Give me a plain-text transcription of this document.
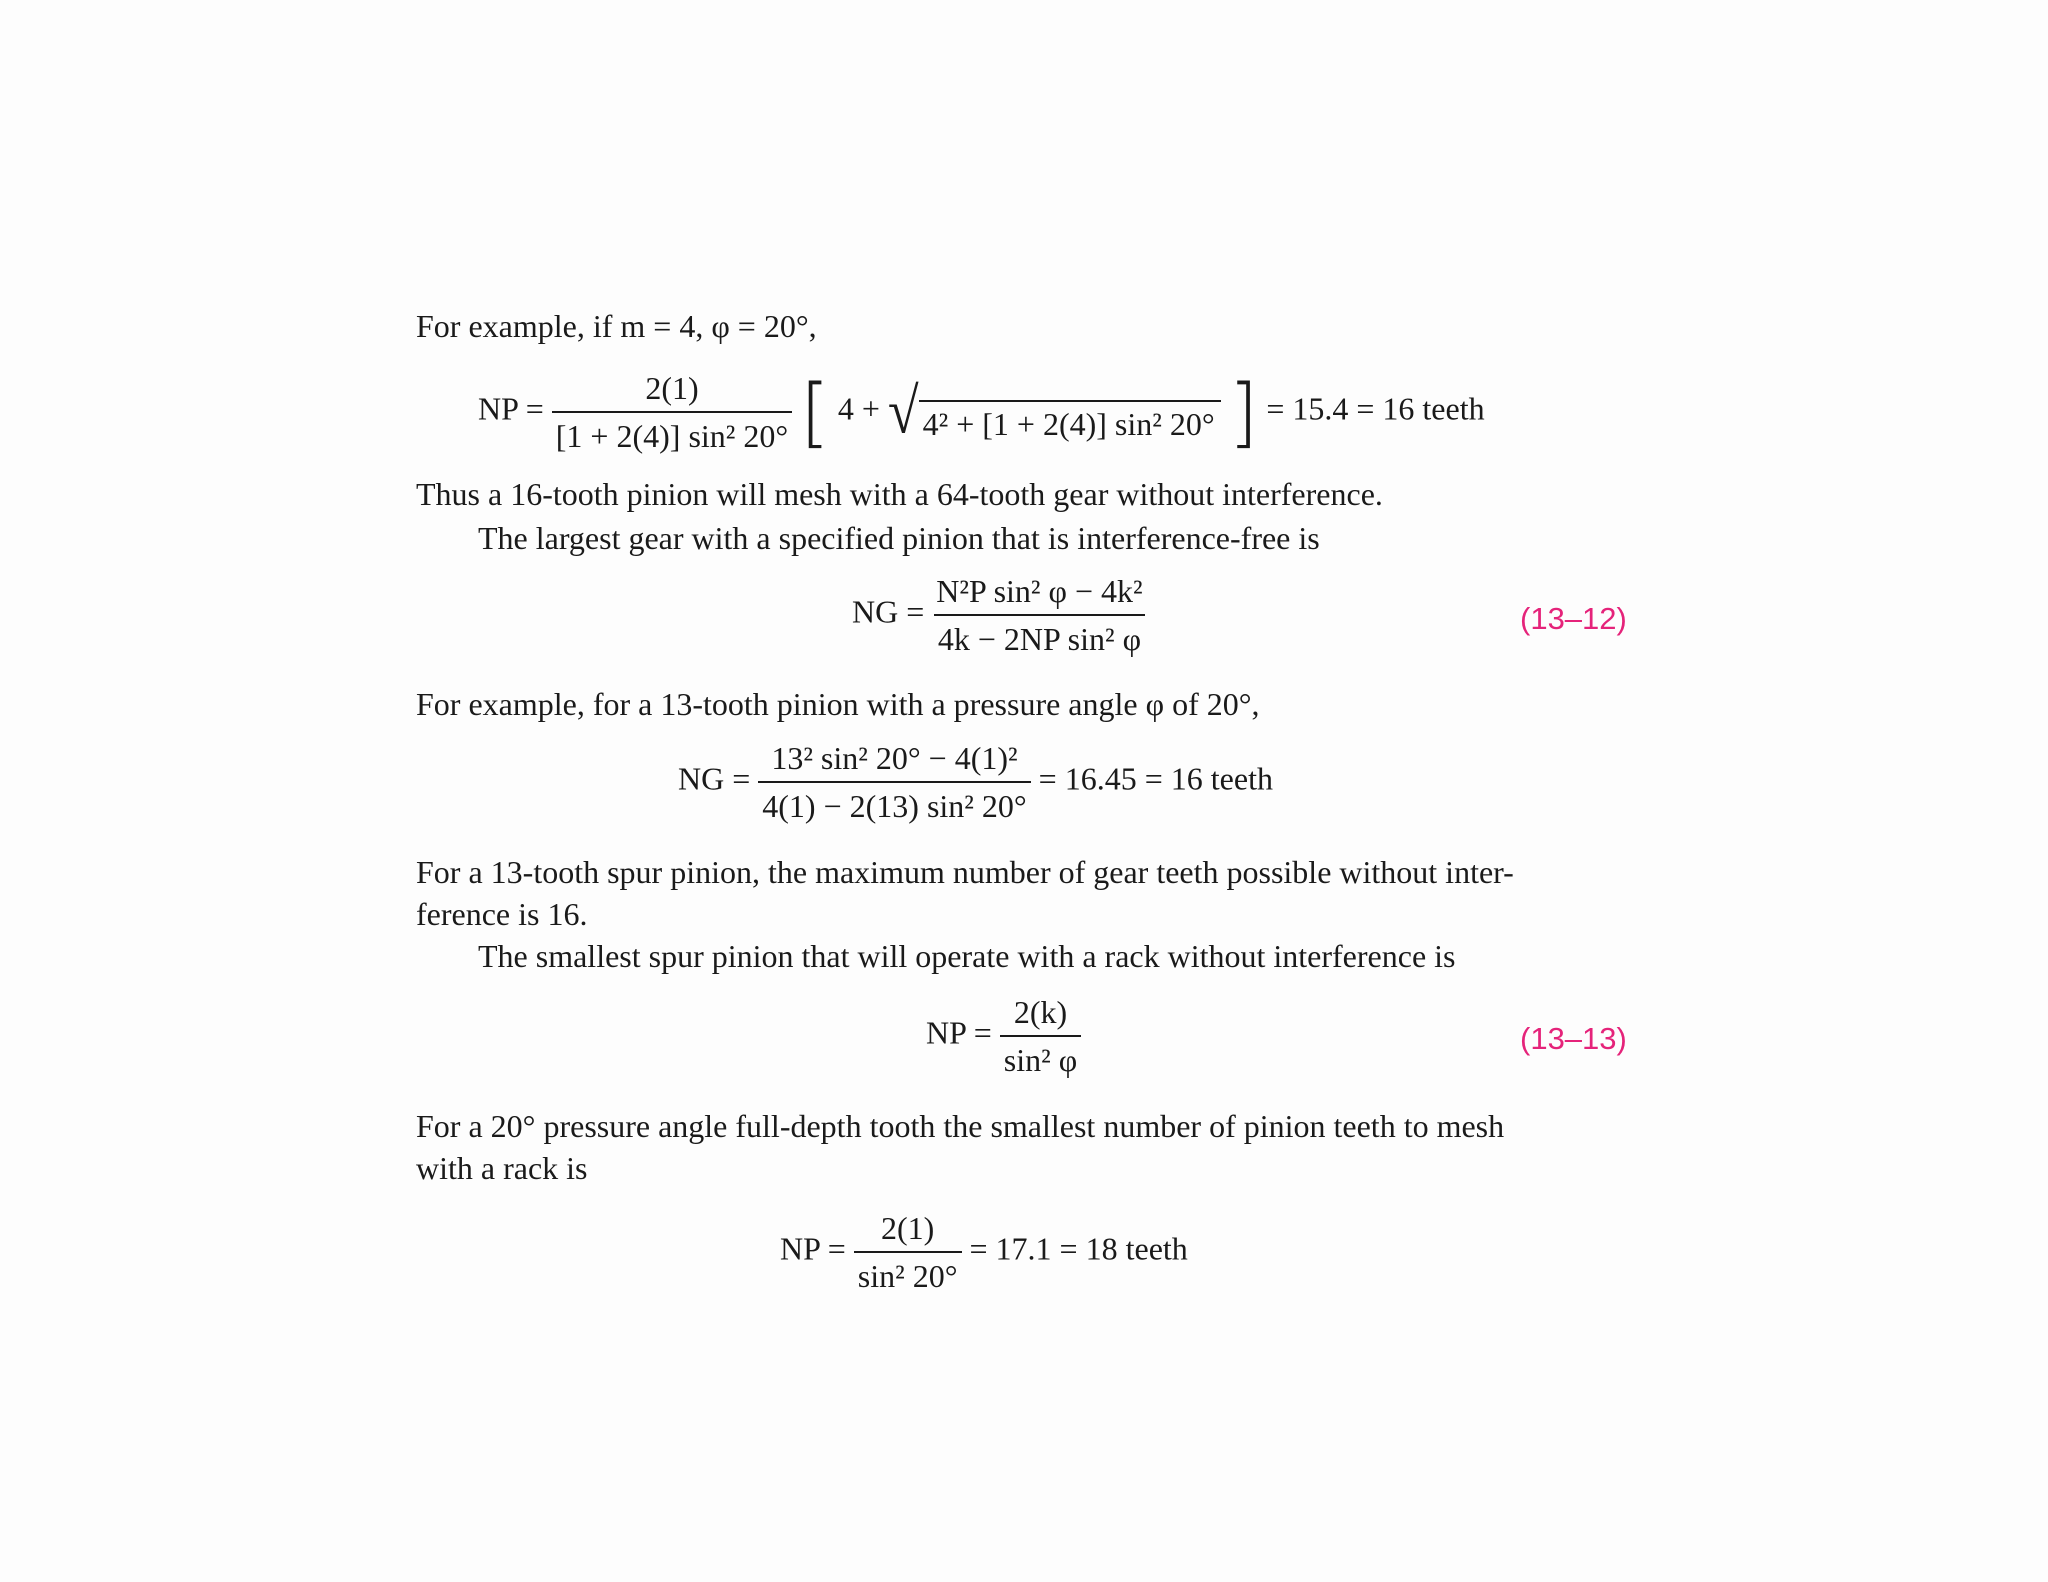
For example, if m = 4, φ = 20°,
NP = $\frac{2(1)}{\text{[1 + 2(4)] sin² 20°}}$ [ 4 + √ 4² + [1 + 2(4)] sin² 20° ] = 15.4 = 16 teeth
Thus a 16-tooth pinion will mesh with a 64-tooth gear without interference.
The largest gear with a specified pinion that is interference-free is
NG = $\frac{\text{N²P sin² φ − 4k²}}{\text{4k − 2NP sin² φ}}$	(13–12)
For example, for a 13-tooth pinion with a pressure angle φ of 20°,
NG = $\frac{\text{13² sin² 20° − 4(1)²}}{\text{4(1) − 2(13) sin² 20°}} = 16.45 = 16$ teeth
For a 13-tooth spur pinion, the maximum number of gear teeth possible without inter-
ference is 16.
The smallest spur pinion that will operate with a rack without interference is
NP = $\frac{2(k)}{\text{sin² φ}}$	(13–13)
For a 20° pressure angle full-depth tooth the smallest number of pinion teeth to mesh
with a rack is
NP = $\frac{2(1)}{\text{sin² 20°}} = 17.1 = 18$ teeth
